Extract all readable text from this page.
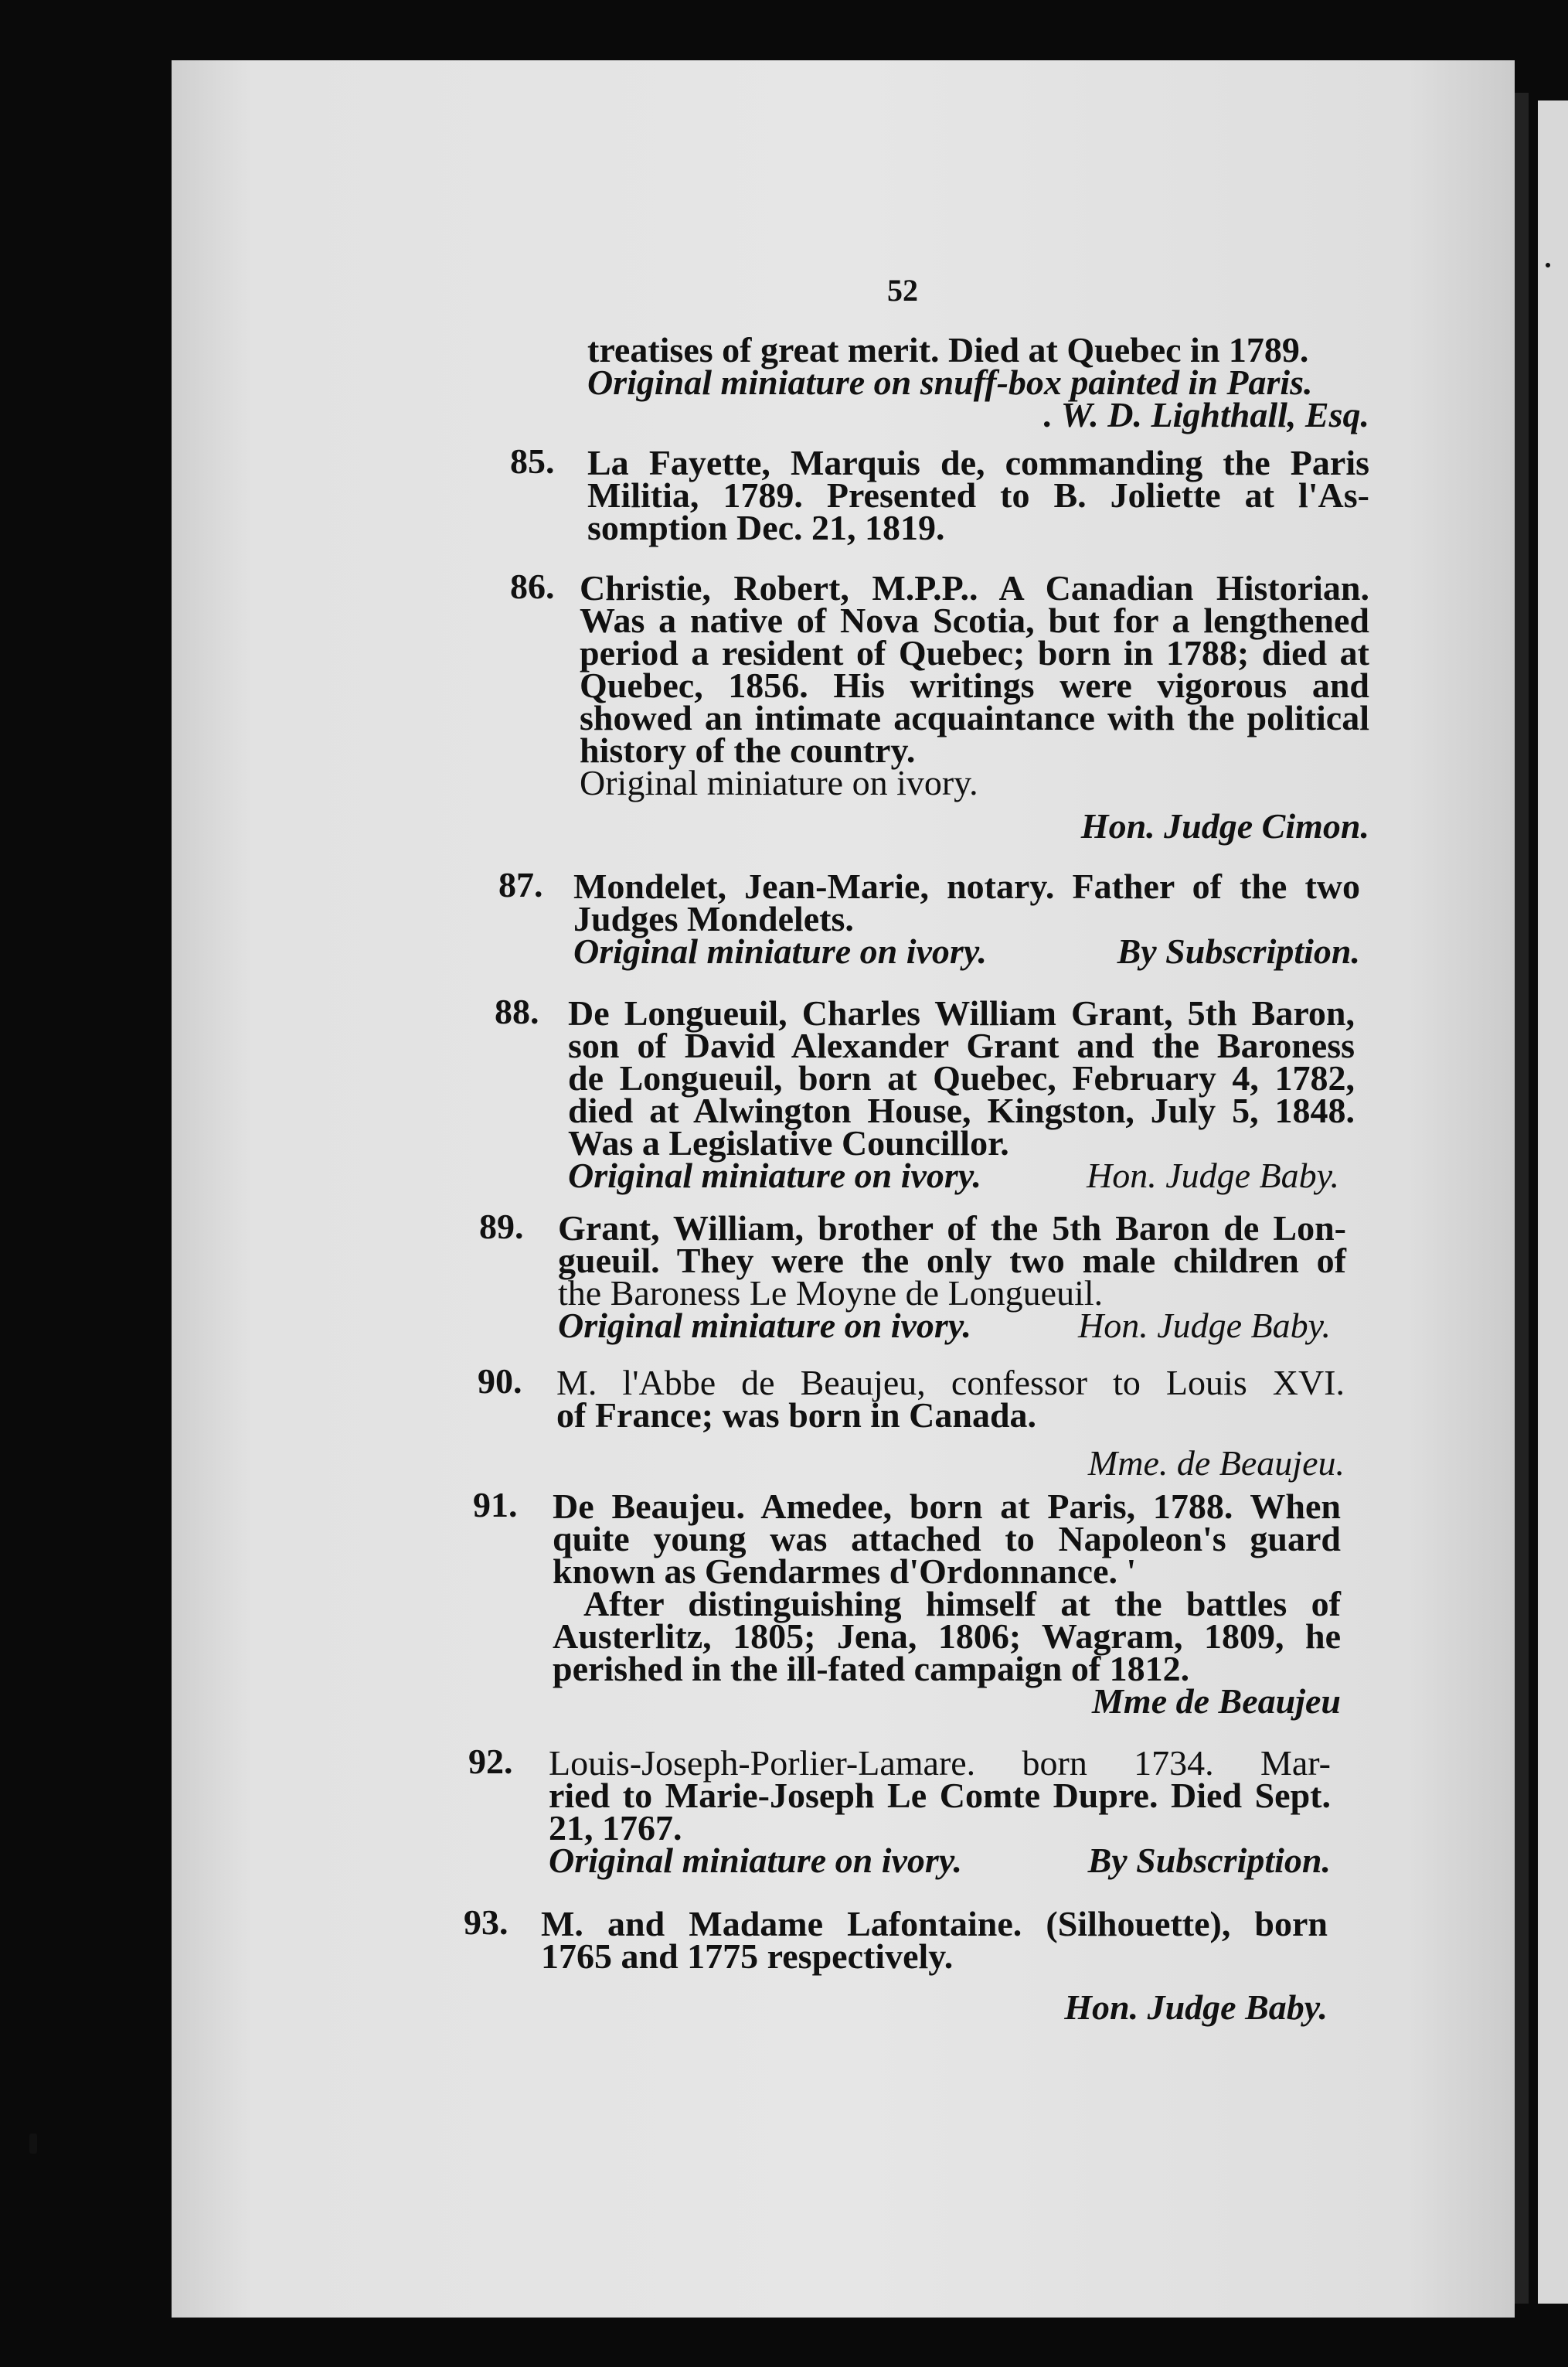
52
treatises of great merit. Died at Quebec in 1789.
Original miniature on snuff-box painted in Paris.
. W. D. Lighthall, Esq.
85. La Fayette, Marquis de, commanding the Paris
Militia, 1789. Presented to B. Joliette at l'As-
somption Dec. 21, 1819.
86. Christie, Robert, M.P.P.. A Canadian Historian.
Was a native of Nova Scotia, but for a lengthened
period a resident of Quebec; born in 1788; died at
Quebec, 1856. His writings were vigorous and
showed an intimate acquaintance with the political
history of the country.
Original miniature on ivory.
Hon. Judge Cimon.
87. Mondelet, Jean-Marie, notary. Father of the two
Judges Mondelets.
Original miniature on ivory.	By Subscription.
88. De Longueuil, Charles William Grant, 5th Baron,
son of David Alexander Grant and the Baroness
de Longueuil, born at Quebec, February 4, 1782,
died at Alwington House, Kingston, July 5, 1848.
Was a Legislative Councillor.
Original miniature on ivory.	Hon. Judge Baby.
89. Grant, William, brother of the 5th Baron de Lon-
gueuil. They were the only two male children of
the Baroness Le Moyne de Longueuil.
Original miniature on ivory.	Hon. Judge Baby.
90. M. l'Abbe de Beaujeu, confessor to Louis XVI.
of France; was born in Canada.
Mme. de Beaujeu.
91. De Beaujeu. Amedee, born at Paris, 1788. When
quite young was attached to Napoleon's guard
known as Gendarmes d'Ordonnance. '
After distinguishing himself at the battles of
Austerlitz, 1805; Jena, 1806; Wagram, 1809, he
perished in the ill-fated campaign of 1812.
Mme de Beaujeu
92. Louis-Joseph-Porlier-Lamare. born 1734. Mar-
ried to Marie-Joseph Le Comte Dupre. Died Sept.
21, 1767.
Original miniature on ivory.	By Subscription.
93. M. and Madame Lafontaine. (Silhouette), born
1765 and 1775 respectively.
Hon. Judge Baby.
